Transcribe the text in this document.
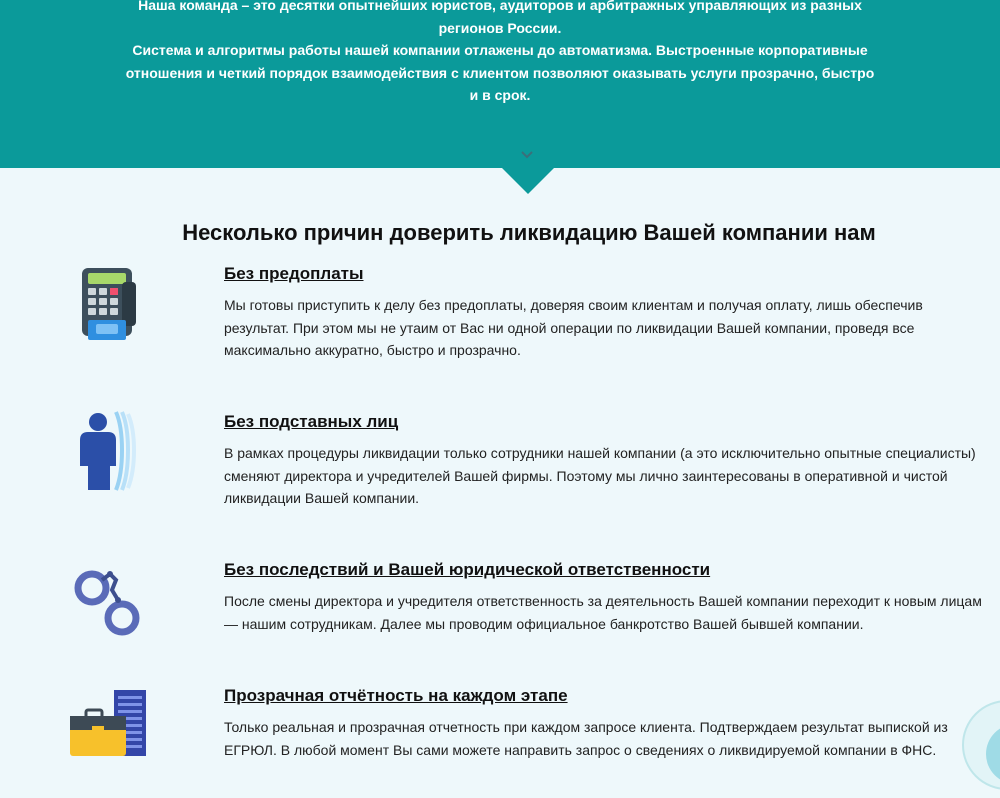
Наша команда – это десятки опытнейших юристов, аудиторов и арбитражных управляющих из разных регионов России.

Система и алгоритмы работы нашей компании отлажены до автоматизма. Выстроенные корпоративные отношения и четкий порядок взаимодействия с клиентом позволяют оказывать услуги прозрачно, быстро и в срок.

Несколько причин доверить ликвидацию Вашей компании нам
Без предоплаты
Мы готовы приступить к делу без предоплаты, доверяя своим клиентам и получая оплату, лишь обеспечив результат. При этом мы не утаим от Вас ни одной операции по ликвидации Вашей компании, проведя все максимально аккуратно, быстро и прозрачно.
Без подставных лиц
В рамках процедуры ликвидации только сотрудники нашей компании (а это исключительно опытные специалисты) сменяют директора и учредителей Вашей фирмы. Поэтому мы лично заинтересованы в оперативной и чистой ликвидации Вашей компании.
Без последствий и Вашей юридической ответственности
После смены директора и учредителя ответственность за деятельность Вашей компании переходит к новым лицам — нашим сотрудникам. Далее мы проводим официальное банкротство Вашей бывшей компании.
Прозрачная отчётность на каждом этапе
Только реальная и прозрачная отчетность при каждом запросе клиента. Подтверждаем результат выпиской из ЕГРЮЛ. В любой момент Вы сами можете направить запрос о сведениях о ликвидируемой компании в ФНС.
